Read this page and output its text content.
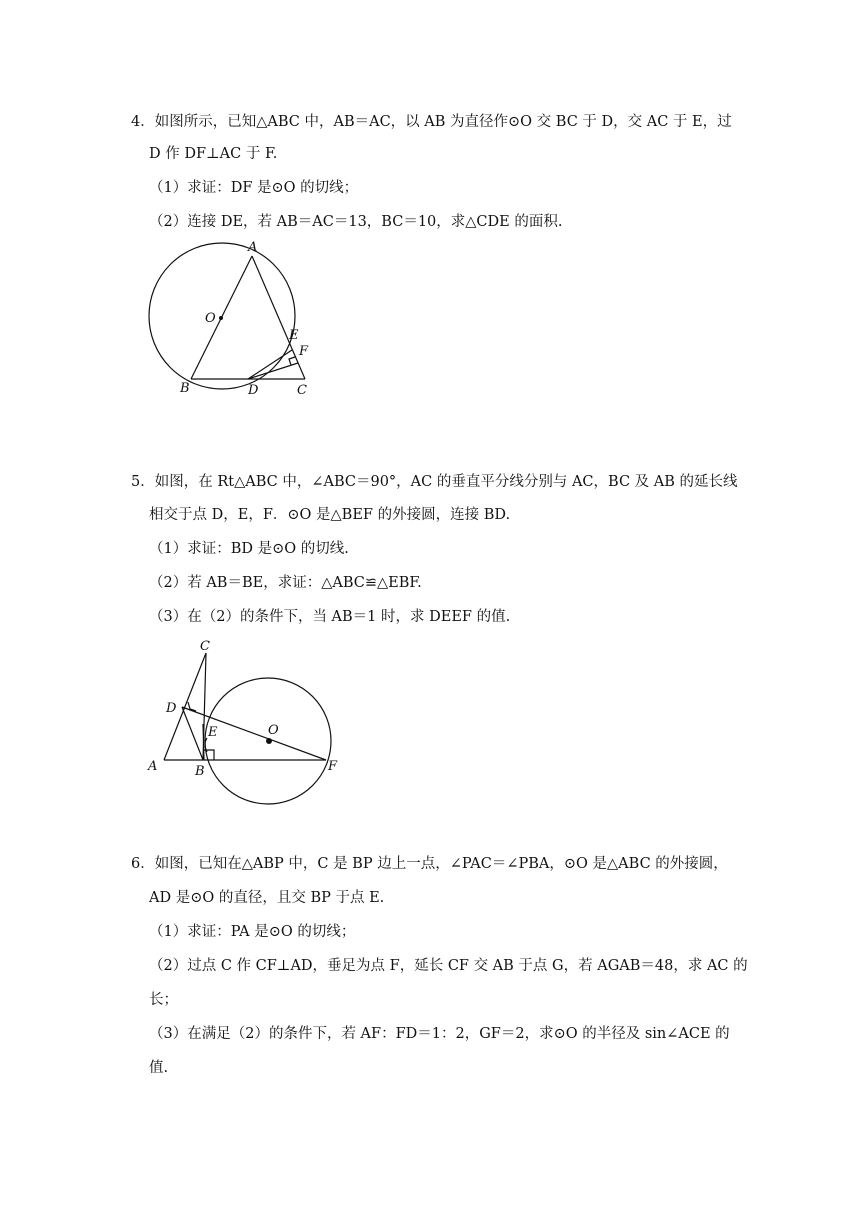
4．如图所示，已知△ABC 中，AB＝AC，以 AB 为直径作⊙O 交 BC 于 D，交 AC 于 E，过
D 作 DF⊥AC 于 F.
（1）求证：DF 是⊙O 的切线；
（2）连接 DE，若 AB＝AC＝13，BC＝10，求△CDE 的面积.
A
O
E
F
B	D	C
5．如图，在 Rt△ABC 中，∠ABC＝90°，AC 的垂直平分线分别与 AC，BC 及 AB 的延长线
相交于点 D，E，F．⊙O 是△BEF 的外接圆，连接 BD.
（1）求证：BD 是⊙O 的切线.
（2）若 AB＝BE，求证：△ABC≌△EBF.
（3）在（2）的条件下，当 AB＝1 时，求 DEEF 的值.
C
D
E	O
A	B	F
6．如图，已知在△ABP 中，C 是 BP 边上一点，∠PAC＝∠PBA，⊙O 是△ABC 的外接圆，
AD 是⊙O 的直径，且交 BP 于点 E.
（1）求证：PA 是⊙O 的切线；
（2）过点 C 作 CF⊥AD，垂足为点 F，延长 CF 交 AB 于点 G，若 AGAB＝48，求 AC 的
长；
（3）在满足（2）的条件下，若 AF：FD＝1：2，GF＝2，求⊙O 的半径及 sin∠ACE 的
值.
